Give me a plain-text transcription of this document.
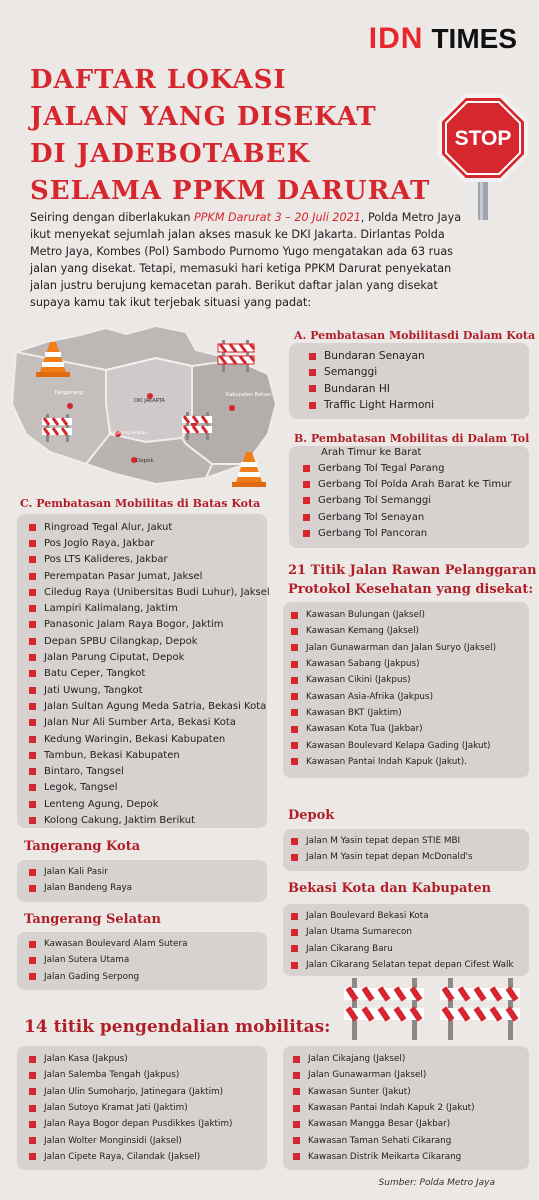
IDN TIMES
DAFTAR LOKASI
JALAN YANG DISEKAT
DI JADEBOTABEK
SELAMA PPKM DARURAT
STOP

Seiring dengan diberlakukan PPKM Darurat 3 – 20 Juli 2021, Polda Metro Jaya ikut menyekat sejumlah jalan akses masuk ke DKI Jakarta. Dirlantas Polda Metro Jaya, Kombes (Pol) Sambodo Purnomo Yugo mengatakan ada 63 ruas jalan yang disekat. Tetapi, memasuki hari ketiga PPKM Darurat penyekatan jalan justru berujung kemacetan parah. Berikut daftar jalan yang disekat supaya kamu tak ikut terjebak situasi yang padat:

Tangerang
DKI JAKARTA
Tangerang Selatan
Kabupaten Bekasi
Depok
A. Pembatasan Mobilitasdi Dalam Kota
Bundaran Senayan
Semanggi
Bundaran HI
Traffic Light Harmoni
B. Pembatasan Mobilitas di Dalam Tol
Arah Timur ke Barat
Gerbang Tol Tegal Parang
Gerbang Tol Polda Arah Barat ke Timur
Gerbang Tol Semanggi
Gerbang Tol Senayan
Gerbang Tol Pancoran
C. Pembatasan Mobilitas di Batas Kota
Ringroad Tegal Alur, Jakut
Pos Joglo Raya, Jakbar
Pos LTS Kalideres, Jakbar
Perempatan Pasar Jumat, Jaksel
Ciledug Raya (Unibersitas Budi Luhur), Jaksel
Lampiri Kalimalang, Jaktim
Panasonic Jalam Raya Bogor, Jaktim
Depan SPBU Cilangkap, Depok
Jalan Parung Ciputat, Depok
Batu Ceper, Tangkot
Jati Uwung, Tangkot
Jalan Sultan Agung Meda Satria, Bekasi Kota
Jalan Nur Ali Sumber Arta, Bekasi Kota
Kedung Waringin, Bekasi Kabupaten
Tambun, Bekasi Kabupaten
Bintaro, Tangsel
Legok, Tangsel
Lenteng Agung, Depok
Kolong Cakung, Jaktim Berikut
21 Titik Jalan Rawan Pelanggaran
Protokol Kesehatan yang disekat:
Kawasan Bulungan (Jaksel)
Kawasan Kemang (Jaksel)
Jalan Gunawarman dan Jalan Suryo (Jaksel)
Kawasan Sabang (Jakpus)
Kawasan Cikini (Jakpus)
Kawasan Asia-Afrika (Jakpus)
Kawasan BKT (Jaktim)
Kawasan Kota Tua (Jakbar)
Kawasan Boulevard Kelapa Gading (Jakut)
Kawasan Pantai Indah Kapuk (Jakut).
Tangerang Kota
Jalan Kali Pasir
Jalan Bandeng Raya
Tangerang Selatan
Kawasan Boulevard Alam Sutera
Jalan Sutera Utama
Jalan Gading Serpong
Depok
Jalan M Yasin tepat depan STIE MBI
Jalan M Yasin tepat depan McDonald's
Bekasi Kota dan Kabupaten
Jalan Boulevard Bekasi Kota
Jalan Utama Sumarecon
Jalan Cikarang Baru
Jalan Cikarang Selatan tepat depan Cifest Walk
14 titik pengendalian mobilitas:
Jalan Kasa (Jakpus)
Jalan Salemba Tengah (Jakpus)
Jalan Ulin Sumoharjo, Jatinegara (Jaktim)
Jalan Sutoyo Kramat Jati (Jaktim)
Jalan Raya Bogor depan Pusdikkes (Jaktim)
Jalan Wolter Monginsidi (Jaksel)
Jalan Cipete Raya, Cilandak (Jaksel)
Jalan Cikajang (Jaksel)
Jalan Gunawarman (Jaksel)
Kawasan Sunter (Jakut)
Kawasan Pantai Indah Kapuk 2 (Jakut)
Kawasan Mangga Besar (Jakbar)
Kawasan Taman Sehati Cikarang
Kawasan Distrik Meikarta Cikarang
Sumber: Polda Metro Jaya
